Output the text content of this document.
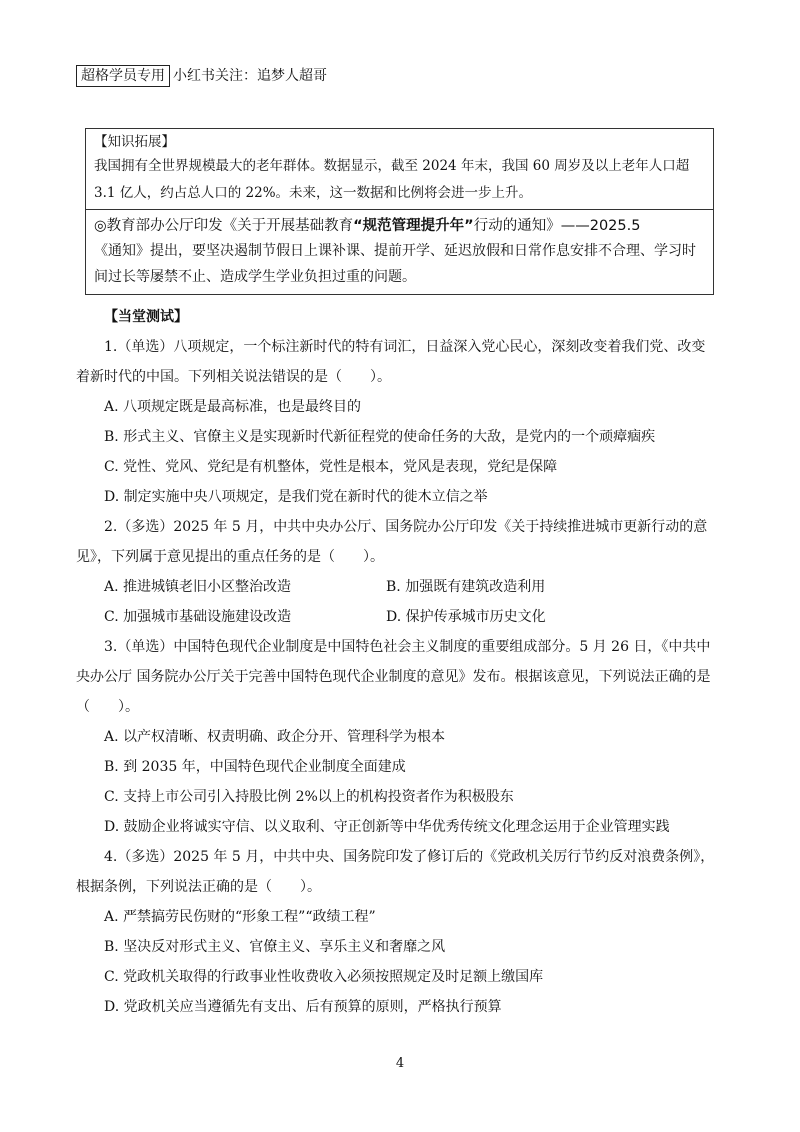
超格学员专用 小红书关注：追梦人超哥
【知识拓展】
我国拥有全世界规模最大的老年群体。数据显示，截至 2024 年末，我国 60 周岁及以上老年人口超 3.1 亿人，约占总人口的 22%。未来，这一数据和比例将会进一步上升。
◎教育部办公厅印发《关于开展基础教育“规范管理提升年”行动的通知》——2025.5
《通知》提出，要坚决遏制节假日上课补课、提前开学、延迟放假和日常作息安排不合理、学习时间过长等屡禁不止、造成学生学业负担过重的问题。
【当堂测试】

1.（单选）八项规定，一个标注新时代的特有词汇，日益深入党心民心，深刻改变着我们党、改变着新时代的中国。下列相关说法错误的是（　　）。

A. 八项规定既是最高标准，也是最终目的

B. 形式主义、官僚主义是实现新时代新征程党的使命任务的大敌，是党内的一个顽瘴痼疾

C. 党性、党风、党纪是有机整体，党性是根本，党风是表现，党纪是保障

D. 制定实施中央八项规定，是我们党在新时代的徙木立信之举

2.（多选）2025 年 5 月，中共中央办公厅、国务院办公厅印发《关于持续推进城市更新行动的意见》，下列属于意见提出的重点任务的是（　　）。

A. 推进城镇老旧小区整治改造	B. 加强既有建筑改造利用
C. 加强城市基础设施建设改造	D. 保护传承城市历史文化

3.（单选）中国特色现代企业制度是中国特色社会主义制度的重要组成部分。5 月 26 日，《中共中央办公厅 国务院办公厅关于完善中国特色现代企业制度的意见》发布。根据该意见，下列说法正确的是（　　）。

A. 以产权清晰、权责明确、政企分开、管理科学为根本

B. 到 2035 年，中国特色现代企业制度全面建成

C. 支持上市公司引入持股比例 2%以上的机构投资者作为积极股东

D. 鼓励企业将诚实守信、以义取利、守正创新等中华优秀传统文化理念运用于企业管理实践

4.（多选）2025 年 5 月，中共中央、国务院印发了修订后的《党政机关厉行节约反对浪费条例》，根据条例，下列说法正确的是（　　）。

A. 严禁搞劳民伤财的“形象工程”“政绩工程”

B. 坚决反对形式主义、官僚主义、享乐主义和奢靡之风

C. 党政机关取得的行政事业性收费收入必须按照规定及时足额上缴国库

D. 党政机关应当遵循先有支出、后有预算的原则，严格执行预算

4
